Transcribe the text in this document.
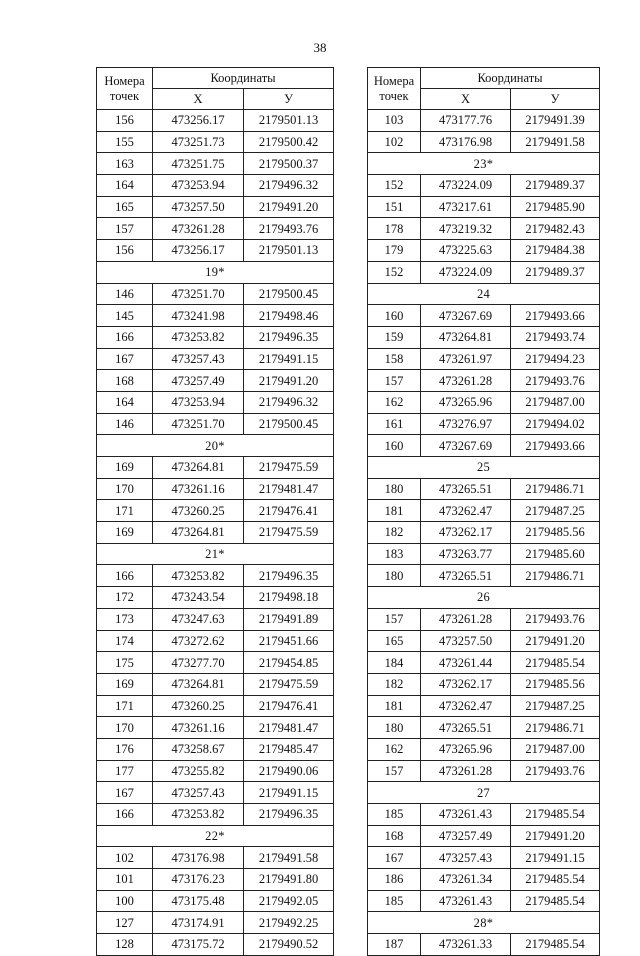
38
Номера точек	Координаты	
	X	У
156	473256.17	2179501.13
155	473251.73	2179500.42
163	473251.75	2179500.37
164	473253.94	2179496.32
165	473257.50	2179491.20
157	473261.28	2179493.76
156	473256.17	2179501.13
19*		
146	473251.70	2179500.45
145	473241.98	2179498.46
166	473253.82	2179496.35
167	473257.43	2179491.15
168	473257.49	2179491.20
164	473253.94	2179496.32
146	473251.70	2179500.45
20*		
169	473264.81	2179475.59
170	473261.16	2179481.47
171	473260.25	2179476.41
169	473264.81	2179475.59
21*		
166	473253.82	2179496.35
172	473243.54	2179498.18
173	473247.63	2179491.89
174	473272.62	2179451.66
175	473277.70	2179454.85
169	473264.81	2179475.59
171	473260.25	2179476.41
170	473261.16	2179481.47
176	473258.67	2179485.47
177	473255.82	2179490.06
167	473257.43	2179491.15
166	473253.82	2179496.35
22*		
102	473176.98	2179491.58
101	473176.23	2179491.80
100	473175.48	2179492.05
127	473174.91	2179492.25
128	473175.72	2179490.52
Номера точек	Координаты	
	X	У
103	473177.76	2179491.39
102	473176.98	2179491.58
23*		
152	473224.09	2179489.37
151	473217.61	2179485.90
178	473219.32	2179482.43
179	473225.63	2179484.38
152	473224.09	2179489.37
24		
160	473267.69	2179493.66
159	473264.81	2179493.74
158	473261.97	2179494.23
157	473261.28	2179493.76
162	473265.96	2179487.00
161	473276.97	2179494.02
160	473267.69	2179493.66
25		
180	473265.51	2179486.71
181	473262.47	2179487.25
182	473262.17	2179485.56
183	473263.77	2179485.60
180	473265.51	2179486.71
26		
157	473261.28	2179493.76
165	473257.50	2179491.20
184	473261.44	2179485.54
182	473262.17	2179485.56
181	473262.47	2179487.25
180	473265.51	2179486.71
162	473265.96	2179487.00
157	473261.28	2179493.76
27		
185	473261.43	2179485.54
168	473257.49	2179491.20
167	473257.43	2179491.15
186	473261.34	2179485.54
185	473261.43	2179485.54
28*		
187	473261.33	2179485.54
